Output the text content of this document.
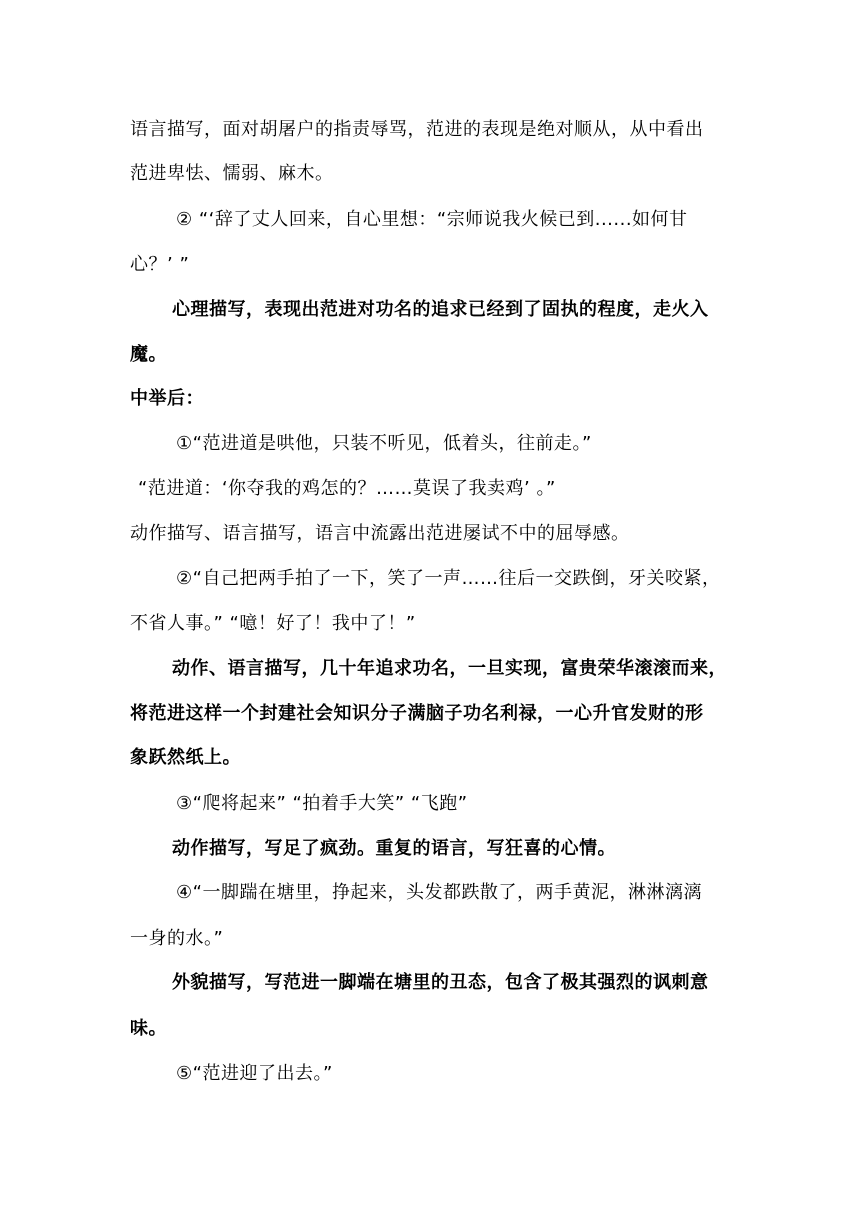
语言描写，面对胡屠户的指责辱骂，范进的表现是绝对顺从，从中看出
范进卑怯、懦弱、麻木。
② “‘辞了丈人回来，自心里想：“宗师说我火候已到......如何甘
心？’ ”
心理描写，表现出范进对功名的追求已经到了固执的程度，走火入
魔。
中举后：
①“范进道是哄他，只装不听见，低着头，往前走。”
“范进道：‘你夺我的鸡怎的？……莫误了我卖鸡’ 。”
动作描写、语言描写，语言中流露出范进屡试不中的屈辱感。
②“自己把两手拍了一下，笑了一声……往后一交跌倒，牙关咬紧，
不省人事。” “噫！好了！我中了！”
动作、语言描写，几十年追求功名，一旦实现，富贵荣华滚滚而来，
将范进这样一个封建社会知识分子满脑子功名利禄，一心升官发财的形
象跃然纸上。
③“爬将起来” “拍着手大笑” “飞跑”
动作描写，写足了疯劲。重复的语言，写狂喜的心情。
④“一脚踹在塘里，挣起来，头发都跌散了，两手黄泥，淋淋漓漓
一身的水。”
外貌描写，写范进一脚端在塘里的丑态，包含了极其强烈的讽刺意
味。
⑤“范进迎了出去。”
